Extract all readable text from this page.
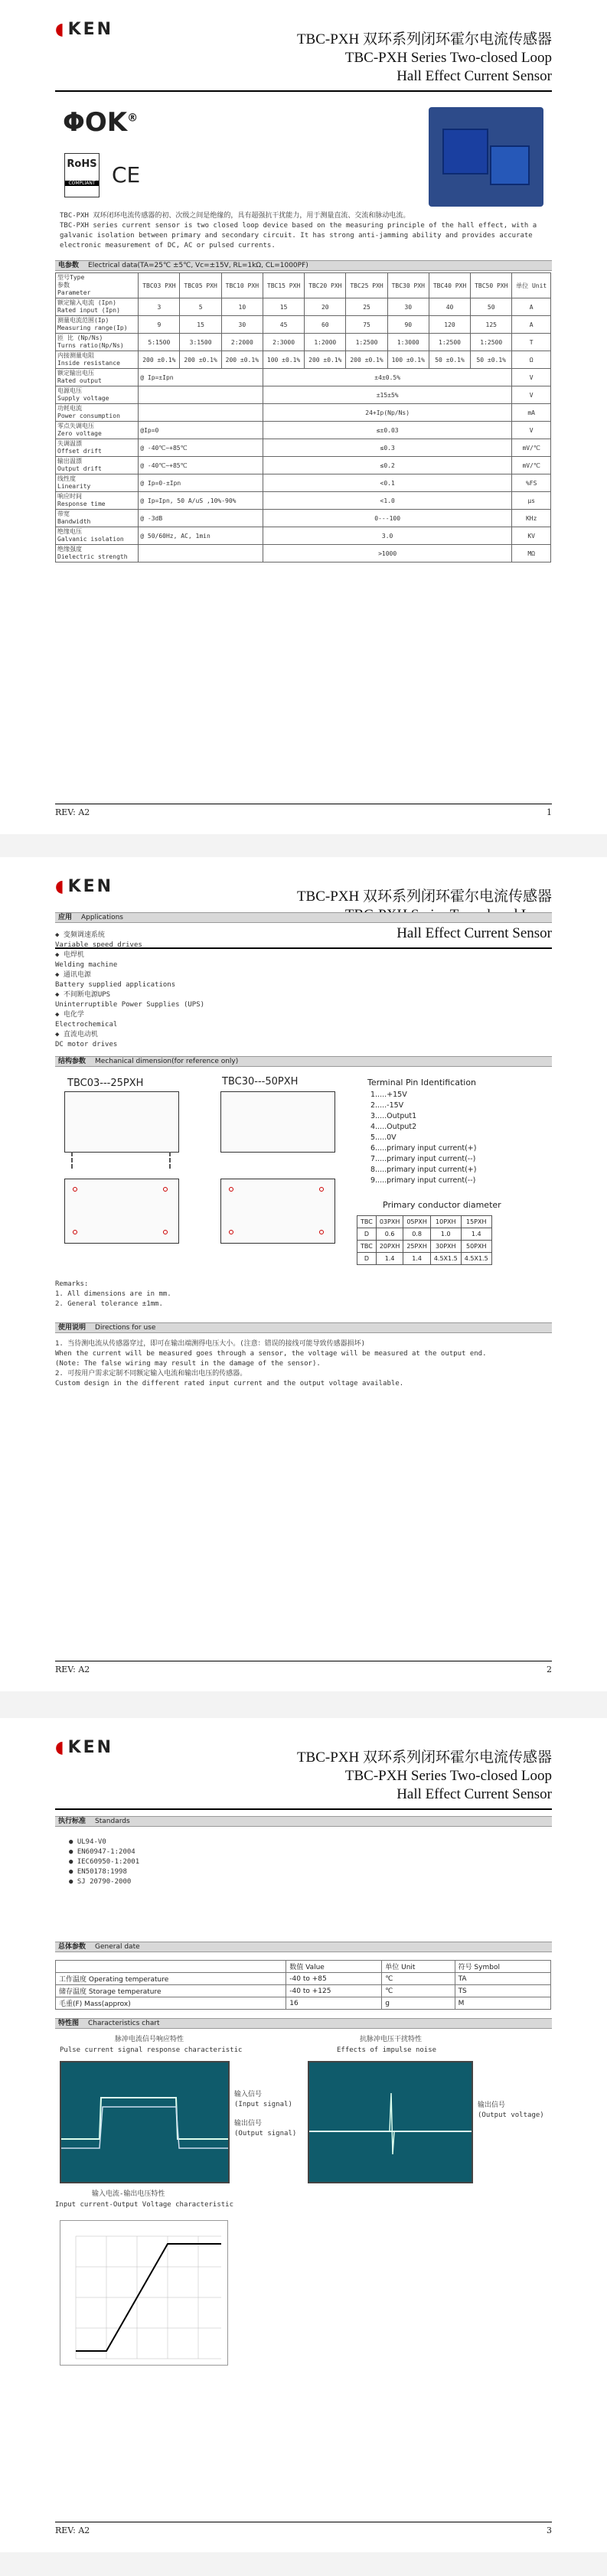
◖KEN
TBC-PXH 双环系列闭环霍尔电流传感器
TBC-PXH Series Two-closed Loop
Hall Effect Current Sensor
ΦOK®
RoHS
COMPLIANT CE
TBC-PXH 双环闭环电流传感器的初、次级之间是绝缘的，具有超强抗干扰能力，用于测量直流、交流和脉动电流。
TBC-PXH series current sensor is two closed loop device based on the measuring principle of the hall effect, with a galvanic isolation between primary and secondary circuit. It has strong anti-jamming ability and provides accurate electronic measurement of DC, AC or pulsed currents.
电参数 Electrical data(TA=25℃ ±5℃, Vc=±15V, RL=1kΩ, CL=1000PF)
型号Type
参数
Parameter	TBC03 PXH	TBC05 PXH	TBC10 PXH	TBC15 PXH	TBC20 PXH	TBC25 PXH	TBC30 PXH	TBC40 PXH	TBC50 PXH	单位 Unit
额定输入电流 (Ipn)
Rated input (Ipn)	3	5	10	15	20	25	30	40	50	A
测量电流范围(Ip)
Measuring range(Ip)	9	15	30	45	60	75	90	120	125	A
匝 比 (Np/Ns)
Turns ratio(Np/Ns)	5:1500	3:1500	2:2000	2:3000	1:2000	1:2500	1:3000	1:2500	1:2500	T
内接测量电阻
Inside resistance	200 ±0.1%	200 ±0.1%	200 ±0.1%	100 ±0.1%	200 ±0.1%	200 ±0.1%	100 ±0.1%	50 ±0.1%	50 ±0.1%	Ω
额定输出电压
Rated output	@ Ip=±Ipn			±4±0.5%						V
电源电压
Supply voltage				±15±5%						V
功耗电流
Power consumption				24+Ip(Np/Ns)						mA
零点失调电压
Zero voltage	@Ip=0			≤±0.03						V
失调温漂
Offset drift	@ -40℃~+85℃			≤0.3						mV/℃
输出温漂
Output drift	@ -40℃~+85℃			≤0.2						mV/℃
线性度
Linearity	@ Ip=0-±Ipn			<0.1						%FS
响应时间
Response time	@ Ip=Ipn, 50 A/uS ,10%-90%			<1.0						μs
带宽
Bandwidth	@ -3dB			0---100						KHz
绝缘电压
Galvanic isolation	@ 50/60Hz, AC, 1min			3.0						KV
绝缘强度
Dielectric strength				>1000						MΩ
REV: A2	1
◖KEN
TBC-PXH 双环系列闭环霍尔电流传感器
Hall Effect Current Sensor
应用 Applications
◆ 变频调速系统
Variable speed drives
◆ 电焊机
Welding machine
◆ 通讯电源
Battery supplied applications
◆ 不间断电源UPS
Uninterruptible Power Supplies (UPS)
◆ 电化学
Electrochemical
◆ 直流电动机
DC motor drives
结构参数 Mechanical dimension(for reference only)
TBC03---25PXH	TBC30---50PXH	Terminal Pin Identification
1.....+15V
2.....-15V
3.....Output1
4.....Output2
5.....0V
6.....primary input current(+)
7.....primary input current(--)
8.....primary input current(+)
9.....primary input current(--)
Primary conductor diameter
TBC	03PXH	05PXH	10PXH	15PXH
D	0.6	0.8	1.0	1.4
TBC	20PXH	25PXH	30PXH	50PXH
D	1.4	1.4	4.5X1.5	4.5X1.5
Remarks:
1. All dimensions are in mm.
2. General tolerance ±1mm.
使用说明 Directions for use
1. 当待测电流从传感器穿过，即可在输出端测得电压大小。(注意：错误的接线可能导致传感器损坏)
When the current will be measured goes through a sensor, the voltage will be measured at the output end.
(Note: The false wiring may result in the damage of the sensor).
2. 可按用户需求定制不同额定输入电流和输出电压的传感器。
Custom design in the different rated input current and the output voltage available.
REV: A2	2
◖KEN
TBC-PXH 双环系列闭环霍尔电流传感器
TBC-PXH Series Two-closed Loop
Hall Effect Current Sensor
执行标准 Standards
● UL94-V0
● EN60947-1:2004
● IEC60950-1:2001
● EN50178:1998
● SJ 20790-2000
总体参数 General date
	数值 Value	单位 Unit	符号 Symbol
工作温度 Operating temperature	-40 to +85	℃	TA
储存温度 Storage temperature	-40 to +125	℃	TS
毛重(F) Mass(approx)	16	g	M
特性图 Characteristics chart
脉冲电流信号响应特性
Pulse current signal response characteristic
抗脉冲电压干扰特性
Effects of impulse noise
输入信号
(Input signal)
输出信号
(Output signal)
输出信号
(Output voltage)
输入电流-输出电压特性
Input current-Output Voltage characteristic
REV: A2	3
